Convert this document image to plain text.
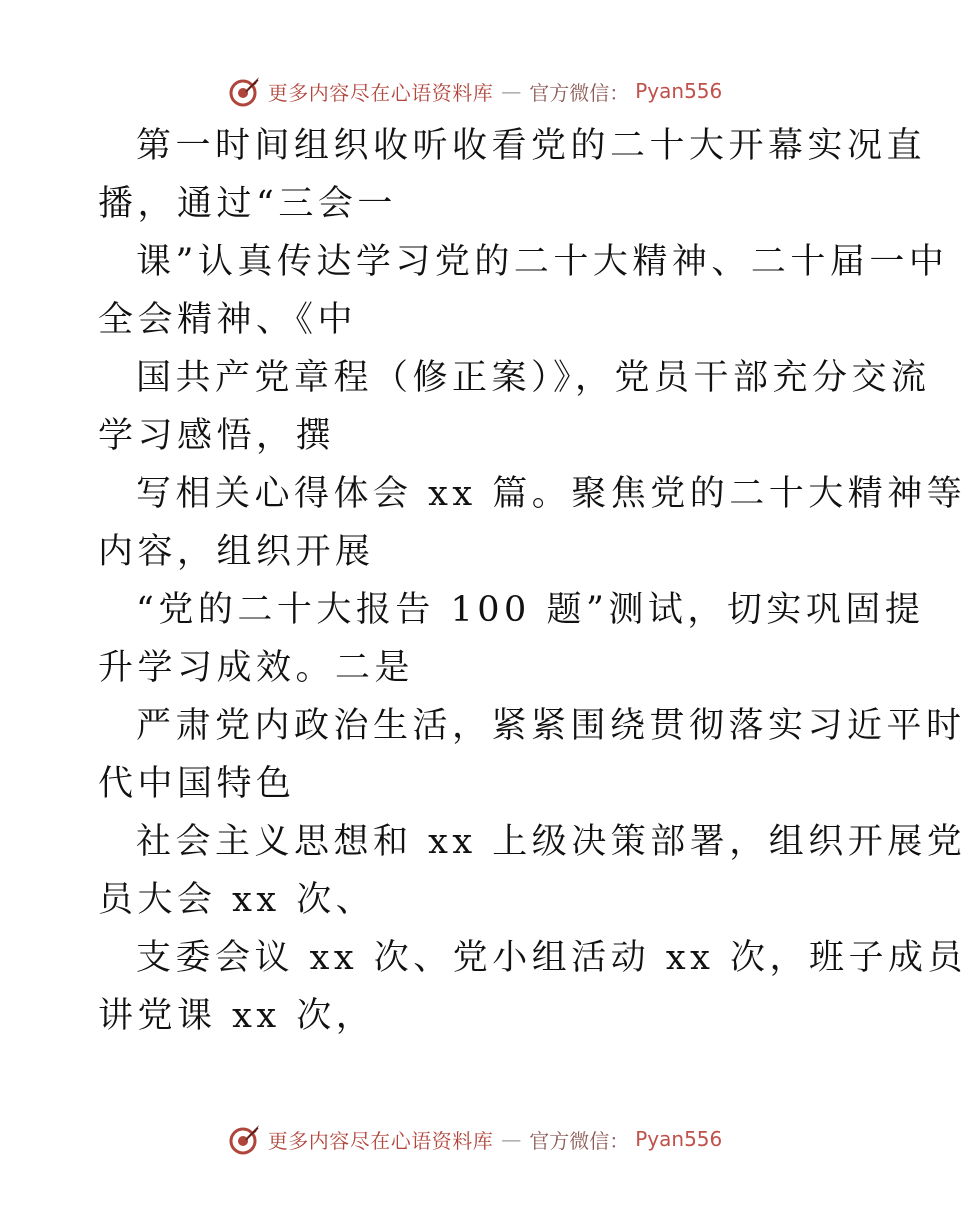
更多内容尽在心语资料库 — 官方微信： Pyan556
第一时间组织收听收看党的二十大开幕实况直
播，通过“三会一
课”认真传达学习党的二十大精神、二十届一中
全会精神、《中
国共产党章程（修正案）》，党员干部充分交流
学习感悟，撰
写相关心得体会 xx 篇。聚焦党的二十大精神等
内容，组织开展
“党的二十大报告 100 题”测试，切实巩固提
升学习成效。二是
严肃党内政治生活，紧紧围绕贯彻落实习近平时
代中国特色
社会主义思想和 xx 上级决策部署，组织开展党
员大会 xx 次、
支委会议 xx 次、党小组活动 xx 次，班子成员
讲党课 xx 次，
更多内容尽在心语资料库 — 官方微信： Pyan556
